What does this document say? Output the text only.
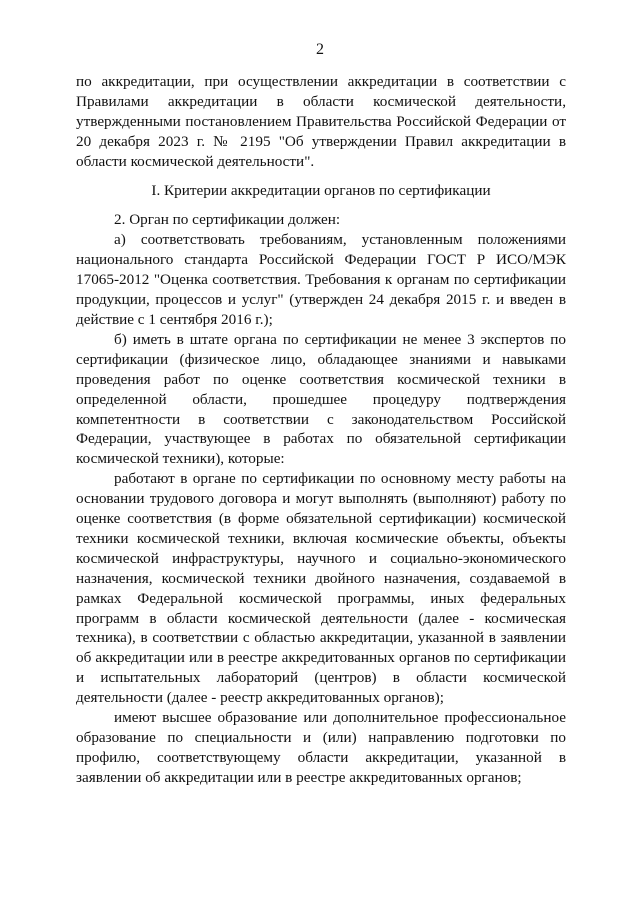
2

по аккредитации, при осуществлении аккредитации в соответствии с Правилами аккредитации в области космической деятельности, утвержденными постановлением Правительства Российской Федерации от 20 декабря 2023 г. № 2195 "Об утверждении Правил аккредитации в области космической деятельности".

I. Критерии аккредитации органов по сертификации

2. Орган по сертификации должен:

а) соответствовать требованиям, установленным положениями национального стандарта Российской Федерации ГОСТ Р ИСО/МЭК 17065-2012 "Оценка соответствия. Требования к органам по сертификации продукции, процессов и услуг" (утвержден 24 декабря 2015 г. и введен в действие с 1 сентября 2016 г.);

б) иметь в штате органа по сертификации не менее 3 экспертов по сертификации (физическое лицо, обладающее знаниями и навыками проведения работ по оценке соответствия космической техники в определенной области, прошедшее процедуру подтверждения компетентности в соответствии с законодательством Российской Федерации, участвующее в работах по обязательной сертификации космической техники), которые:

работают в органе по сертификации по основному месту работы на основании трудового договора и могут выполнять (выполняют) работу по оценке соответствия (в форме обязательной сертификации) космической техники космической техники, включая космические объекты, объекты космической инфраструктуры, научного и социально-экономического назначения, космической техники двойного назначения, создаваемой в рамках Федеральной космической программы, иных федеральных программ в области космической деятельности (далее - космическая техника), в соответствии с областью аккредитации, указанной в заявлении об аккредитации или в реестре аккредитованных органов по сертификации и испытательных лабораторий (центров) в области космической деятельности (далее - реестр аккредитованных органов);

имеют высшее образование или дополнительное профессиональное образование по специальности и (или) направлению подготовки по профилю, соответствующему области аккредитации, указанной в заявлении об аккредитации или в реестре аккредитованных органов;
